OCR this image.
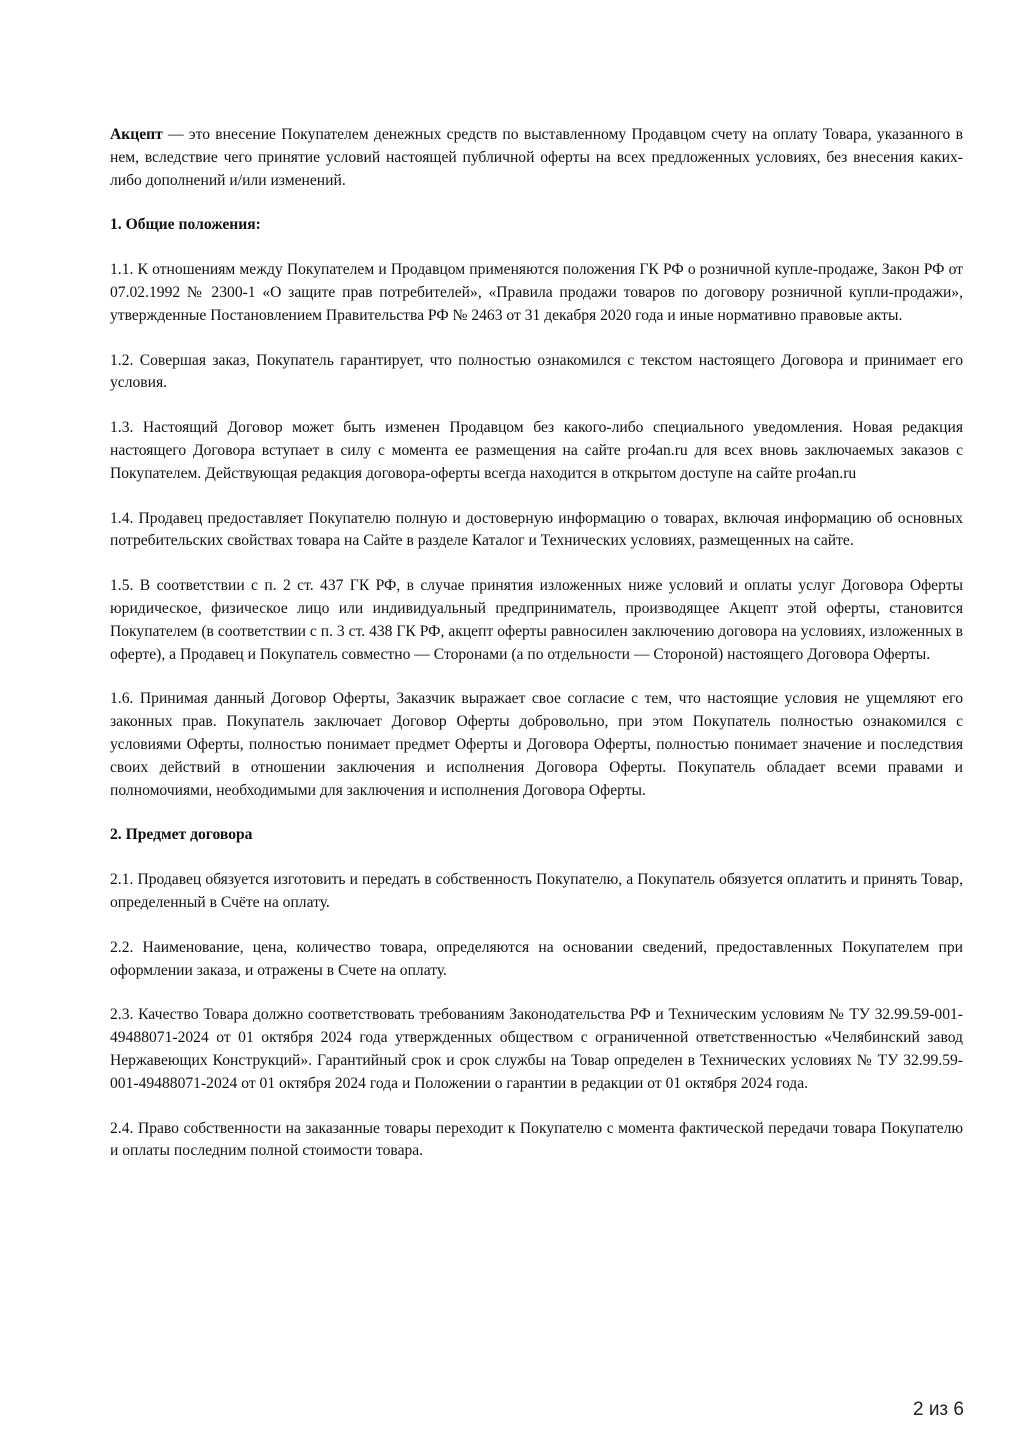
Акцепт — это внесение Покупателем денежных средств по выставленному Продавцом счету на оплату Товара, указанного в нем, вследствие чего принятие условий настоящей публичной оферты на всех предложенных условиях, без внесения каких-либо дополнений и/или изменений.

1. Общие положения:

1.1. К отношениям между Покупателем и Продавцом применяются положения ГК РФ о розничной купле-продаже, Закон РФ от 07.02.1992 № 2300-1 «О защите прав потребителей», «Правила продажи товаров по договору розничной купли-продажи», утвержденные Постановлением Правительства РФ № 2463 от 31 декабря 2020 года и иные нормативно правовые акты.

1.2. Совершая заказ, Покупатель гарантирует, что полностью ознакомился с текстом настоящего Договора и принимает его условия.

1.3. Настоящий Договор может быть изменен Продавцом без какого-либо специального уведомления. Новая редакция настоящего Договора вступает в силу с момента ее размещения на сайте pro4an.ru для всех вновь заключаемых заказов с Покупателем. Действующая редакция договора-оферты всегда находится в открытом доступе на сайте pro4an.ru

1.4. Продавец предоставляет Покупателю полную и достоверную информацию о товарах, включая информацию об основных потребительских свойствах товара на Сайте в разделе Каталог и Технических условиях, размещенных на сайте.

1.5. В соответствии с п. 2 ст. 437 ГК РФ, в случае принятия изложенных ниже условий и оплаты услуг Договора Оферты юридическое, физическое лицо или индивидуальный предприниматель, производящее Акцепт этой оферты, становится Покупателем (в соответствии с п. 3 ст. 438 ГК РФ, акцепт оферты равносилен заключению договора на условиях, изложенных в оферте), а Продавец и Покупатель совместно — Сторонами (а по отдельности — Стороной) настоящего Договора Оферты.

1.6. Принимая данный Договор Оферты, Заказчик выражает свое согласие с тем, что настоящие условия не ущемляют его законных прав. Покупатель заключает Договор Оферты добровольно, при этом Покупатель полностью ознакомился с условиями Оферты, полностью понимает предмет Оферты и Договора Оферты, полностью понимает значение и последствия своих действий в отношении заключения и исполнения Договора Оферты. Покупатель обладает всеми правами и полномочиями, необходимыми для заключения и исполнения Договора Оферты.

2. Предмет договора

2.1. Продавец обязуется изготовить и передать в собственность Покупателю, а Покупатель обязуется оплатить и принять Товар, определенный в Счёте на оплату.

2.2. Наименование, цена, количество товара, определяются на основании сведений, предоставленных Покупателем при оформлении заказа, и отражены в Счете на оплату.

2.3. Качество Товара должно соответствовать требованиям Законодательства РФ и Техническим условиям № ТУ 32.99.59-001-49488071-2024 от 01 октября 2024 года утвержденных обществом с ограниченной ответственностью «Челябинский завод Нержавеющих Конструкций». Гарантийный срок и срок службы на Товар определен в Технических условиях № ТУ 32.99.59-001-49488071-2024 от 01 октября 2024 года и Положении о гарантии в редакции от 01 октября 2024 года.

2.4. Право собственности на заказанные товары переходит к Покупателю с момента фактической передачи товара Покупателю и оплаты последним полной стоимости товара.

2 из 6
